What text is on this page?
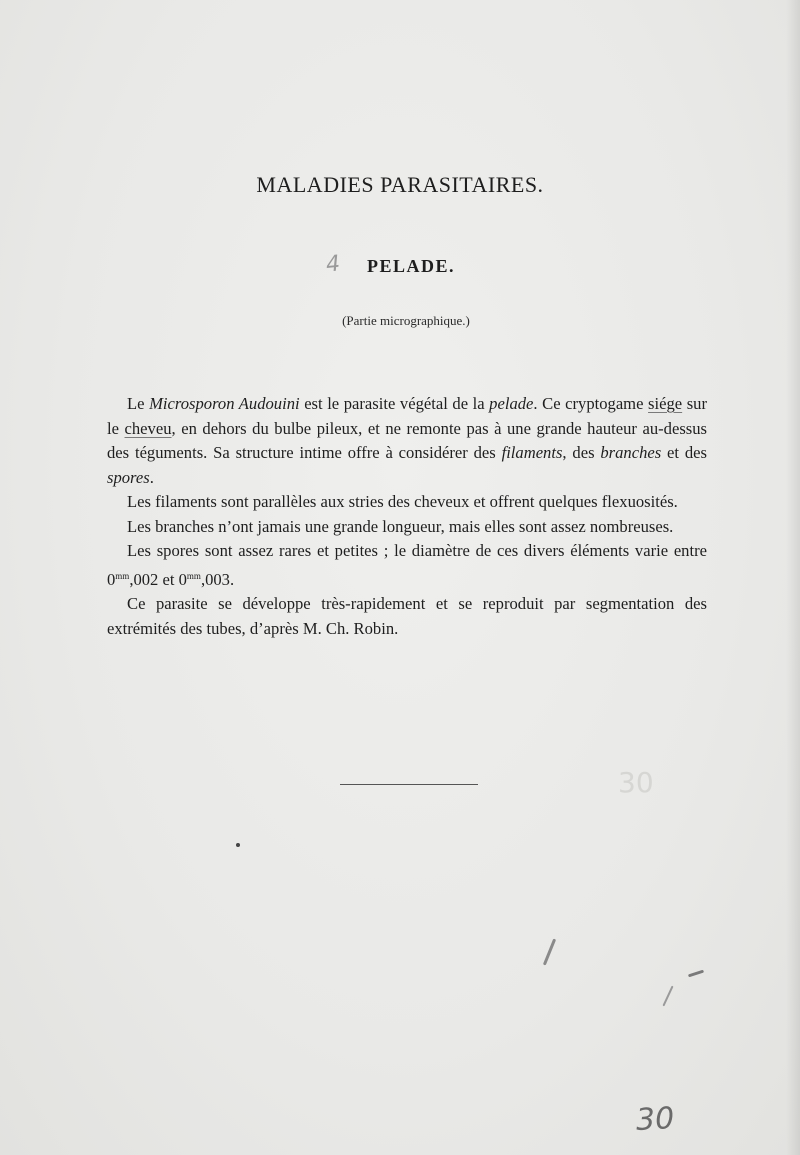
MALADIES PARASITAIRES.
4	PELADE.
(Partie micrographique.)

Le Microsporon Audouini est le parasite végétal de la pelade. Ce cryptogame siége sur le cheveu, en dehors du bulbe pileux, et ne remonte pas à une grande hauteur au-dessus des téguments. Sa structure intime offre à considérer des filaments, des branches et des spores.

Les filaments sont parallèles aux stries des cheveux et offrent quelques flexuosités.

Les branches n’ont jamais une grande longueur, mais elles sont assez nombreuses.

Les spores sont assez rares et petites ; le diamètre de ces divers éléments varie entre $0^{mm},002$ et $0^{mm},003$.

Ce parasite se développe très-rapidement et se reproduit par segmentation des extrémités des tubes, d’après M. Ch. Robin.

30
30
